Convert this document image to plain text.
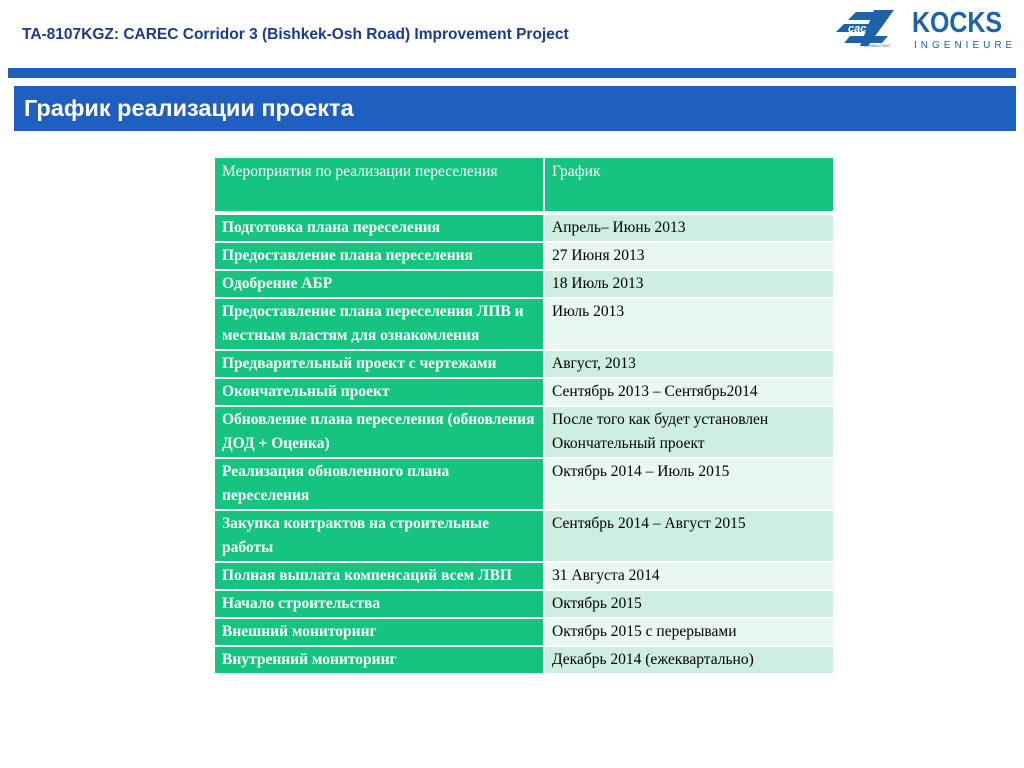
TA-8107KGZ: CAREC Corridor 3 (Bishkek-Osh Road) Improvement Project	cac
CONSULTING
KOCKS
INGENIEURE
График реализации проекта
Мероприятия по реализации переселения	График
Подготовка плана переселения	Апрель– Июнь 2013
Предоставление плана переселения	27 Июня 2013
Одобрение АБР	18 Июль 2013
Предоставление плана переселения ЛПВ и местным властям для ознакомления	Июль 2013
Предварительный проект с чертежами	Август, 2013
Окончательный проект	Сентябрь 2013 – Сентябрь2014
Обновление плана переселения (обновления ДОД + Оценка)	После того как будет установлен Окончательный проект
Реализация обновленного плана переселения	Октябрь 2014 – Июль 2015
Закупка контрактов на строительные работы	Сентябрь 2014 – Август 2015
Полная выплата компенсаций всем ЛВП	31 Августа 2014
Начало строительства	Октябрь 2015
Внешний мониторинг	Октябрь 2015 с перерывами
Внутренний мониторинг	Декабрь 2014 (ежеквартально)
